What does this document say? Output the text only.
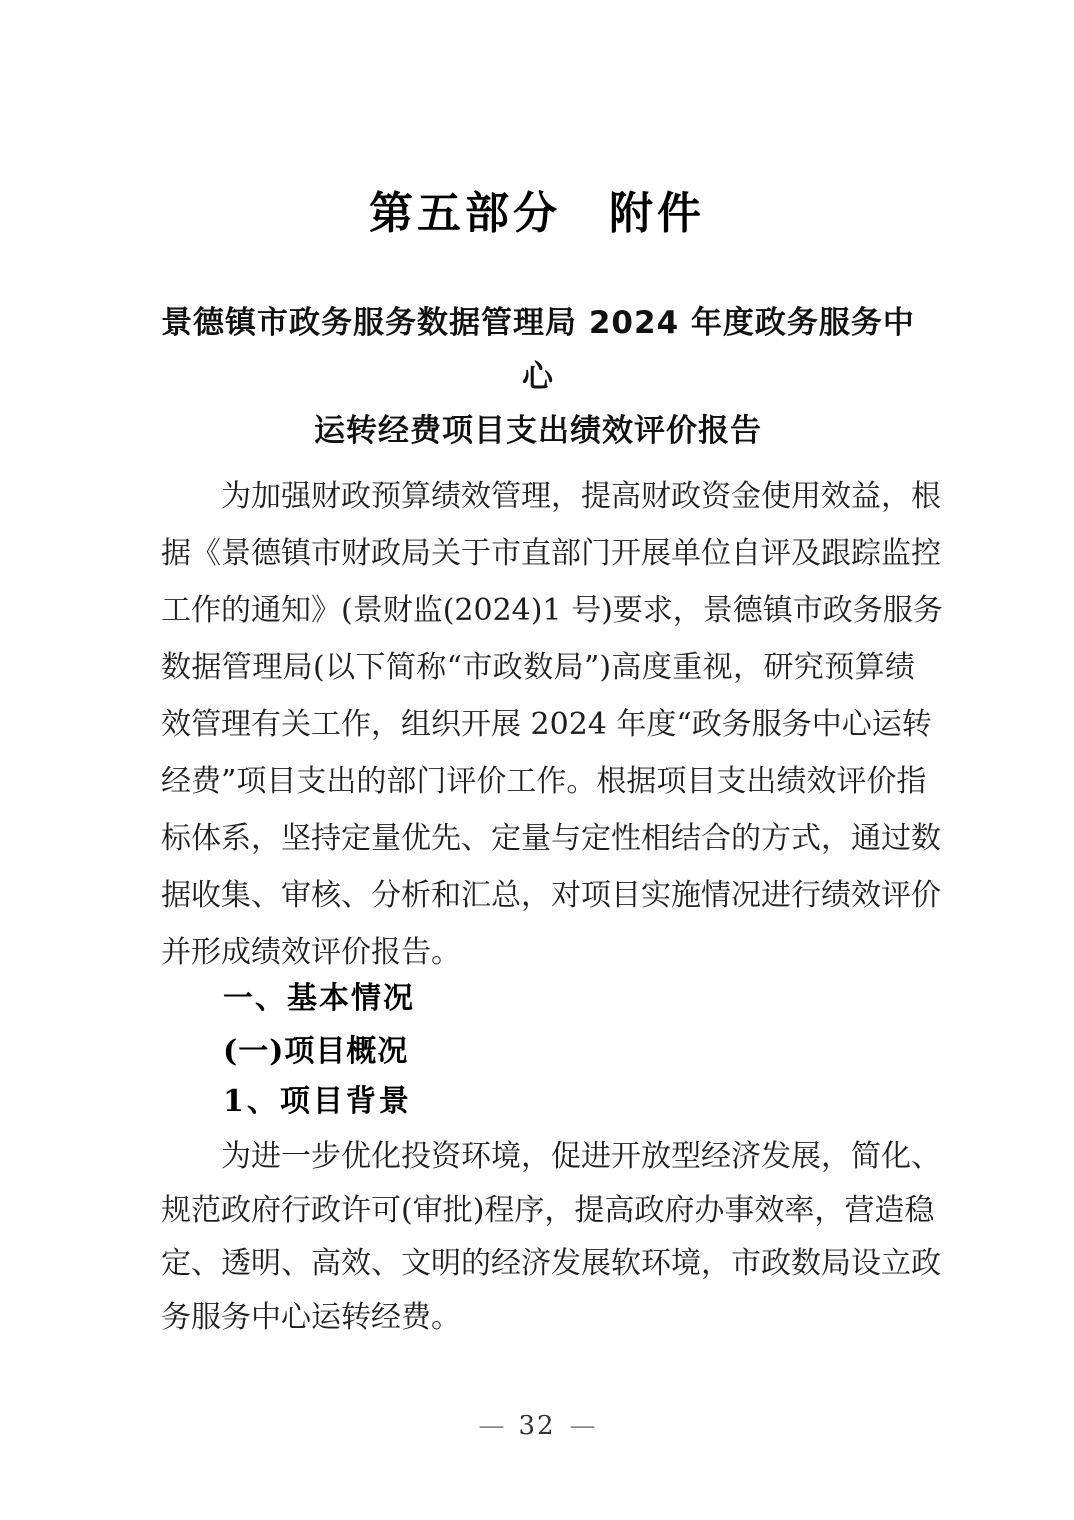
第五部分　附件
景德镇市政务服务数据管理局 2024 年度政务服务中心
运转经费项目支出绩效评价报告
为加强财政预算绩效管理，提高财政资金使用效益，根
据《景德镇市财政局关于市直部门开展单位自评及跟踪监控
工作的通知》(景财监(2024)1 号)要求，景德镇市政务服务
数据管理局(以下简称“市政数局”)高度重视，研究预算绩
效管理有关工作，组织开展 2024 年度“政务服务中心运转
经费”项目支出的部门评价工作。根据项目支出绩效评价指
标体系，坚持定量优先、定量与定性相结合的方式，通过数
据收集、审核、分析和汇总，对项目实施情况进行绩效评价
并形成绩效评价报告。
一、基本情况
(一)项目概况
1、项目背景
为进一步优化投资环境，促进开放型经济发展，简化、
规范政府行政许可(审批)程序，提高政府办事效率，营造稳
定、透明、高效、文明的经济发展软环境，市政数局设立政
务服务中心运转经费。
— 32 —
